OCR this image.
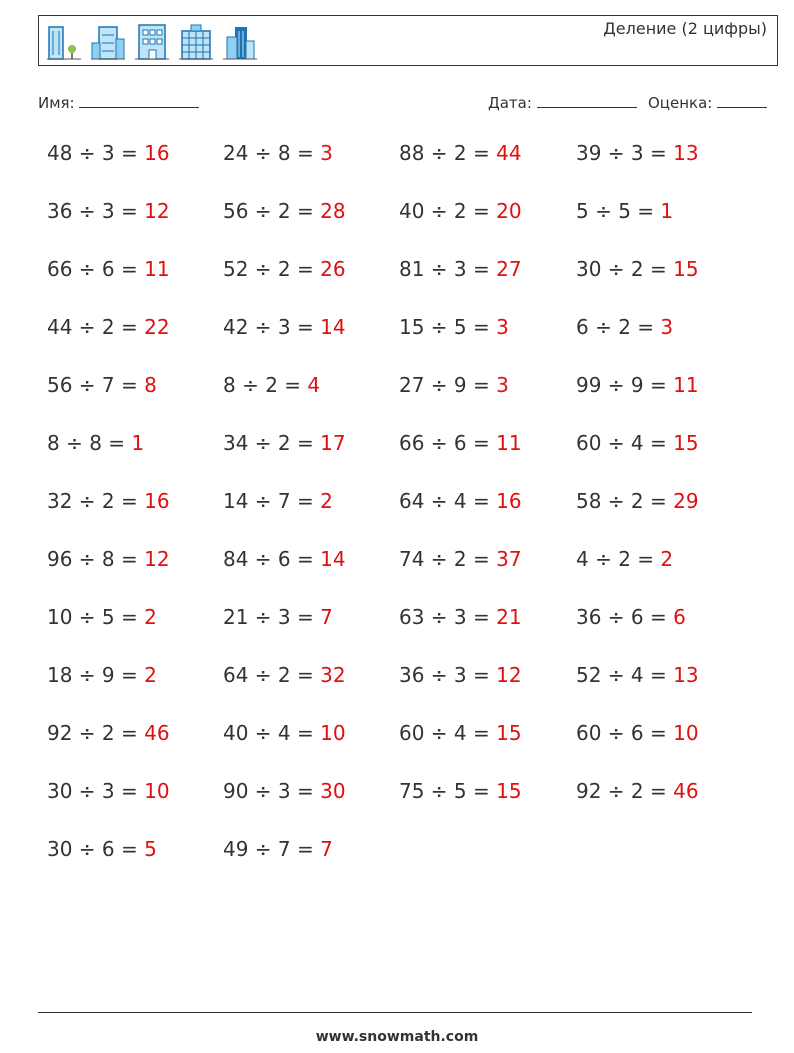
Деление (2 цифры)
Имя:	Дата:	Оценка:
48 ÷ 3 = 16	24 ÷ 8 = 3	88 ÷ 2 = 44	39 ÷ 3 = 13
36 ÷ 3 = 12	56 ÷ 2 = 28	40 ÷ 2 = 20	5 ÷ 5 = 1
66 ÷ 6 = 11	52 ÷ 2 = 26	81 ÷ 3 = 27	30 ÷ 2 = 15
44 ÷ 2 = 22	42 ÷ 3 = 14	15 ÷ 5 = 3	6 ÷ 2 = 3
56 ÷ 7 = 8	8 ÷ 2 = 4	27 ÷ 9 = 3	99 ÷ 9 = 11
8 ÷ 8 = 1	34 ÷ 2 = 17	66 ÷ 6 = 11	60 ÷ 4 = 15
32 ÷ 2 = 16	14 ÷ 7 = 2	64 ÷ 4 = 16	58 ÷ 2 = 29
96 ÷ 8 = 12	84 ÷ 6 = 14	74 ÷ 2 = 37	4 ÷ 2 = 2
10 ÷ 5 = 2	21 ÷ 3 = 7	63 ÷ 3 = 21	36 ÷ 6 = 6
18 ÷ 9 = 2	64 ÷ 2 = 32	36 ÷ 3 = 12	52 ÷ 4 = 13
92 ÷ 2 = 46	40 ÷ 4 = 10	60 ÷ 4 = 15	60 ÷ 6 = 10
30 ÷ 3 = 10	90 ÷ 3 = 30	75 ÷ 5 = 15	92 ÷ 2 = 46
30 ÷ 6 = 5	49 ÷ 7 = 7
www.snowmath.com
